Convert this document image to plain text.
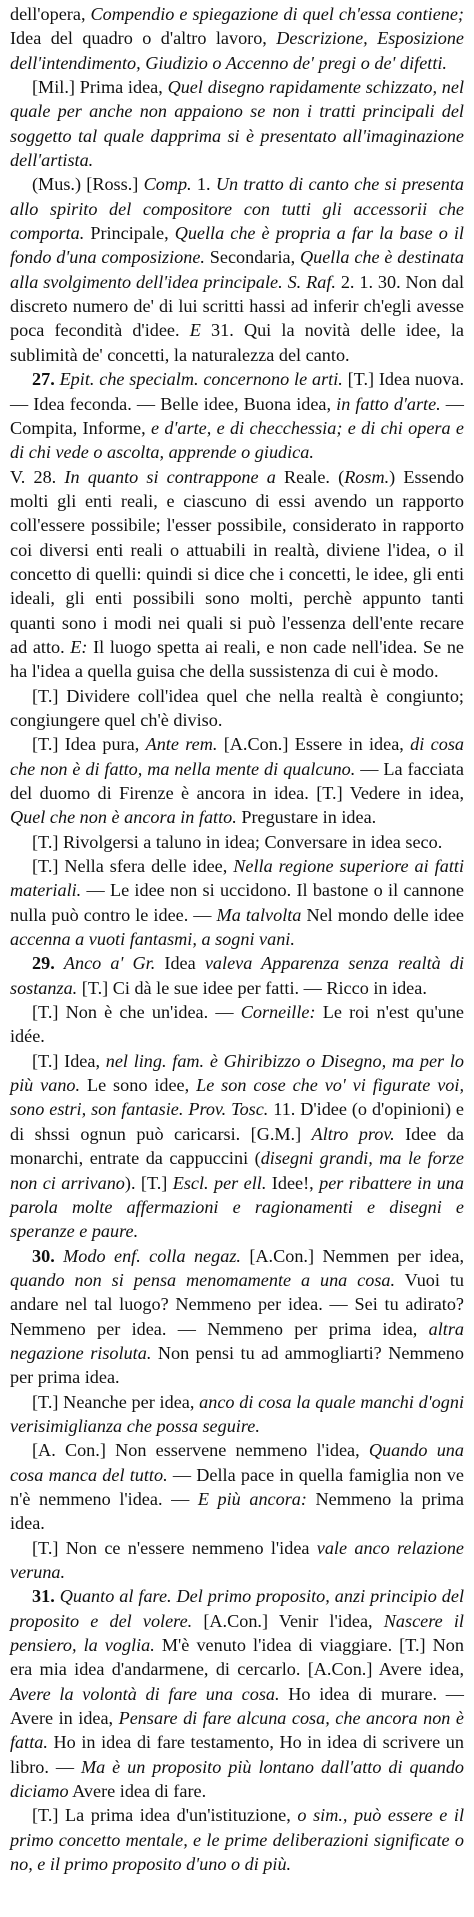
dell'opera, Compendio e spiegazione di quel ch'essa contiene; Idea del quadro o d'altro lavoro, Descrizione, Esposizione dell'intendimento, Giudizio o Accenno de' pregi o de' difetti.

[Mil.] Prima idea, Quel disegno rapidamente schizzato, nel quale per anche non appaiono se non i tratti principali del soggetto tal quale dapprima si è presentato all'imaginazione dell'artista.

(Mus.) [Ross.] Comp. 1. Un tratto di canto che si presenta allo spirito del compositore con tutti gli accessorii che comporta. Principale, Quella che è propria a far la base o il fondo d'una composizione. Secondaria, Quella che è destinata alla svolgimento dell'idea principale. S. Raf. 2. 1. 30. Non dal discreto numero de' di lui scritti hassi ad inferir ch'egli avesse poca fecondità d'idee. E 31. Qui la novità delle idee, la sublimità de' concetti, la naturalezza del canto.

27. Epit. che specialm. concernono le arti. [T.] Idea nuova. — Idea feconda. — Belle idee, Buona idea, in fatto d'arte. — Compita, Informe, e d'arte, e di checchessia; e di chi opera e di chi vede o ascolta, apprende o giudica.

V. 28. In quanto si contrappone a Reale. (Rosm.) Essendo molti gli enti reali, e ciascuno di essi avendo un rapporto coll'essere possibile; l'esser possibile, considerato in rapporto coi diversi enti reali o attuabili in realtà, diviene l'idea, o il concetto di quelli: quindi si dice che i concetti, le idee, gli enti ideali, gli enti possibili sono molti, perchè appunto tanti quanti sono i modi nei quali si può l'essenza dell'ente recare ad atto. E: Il luogo spetta ai reali, e non cade nell'idea. Se ne ha l'idea a quella guisa che della sussistenza di cui è modo.

[T.] Dividere coll'idea quel che nella realtà è congiunto; congiungere quel ch'è diviso.

[T.] Idea pura, Ante rem. [A.Con.] Essere in idea, di cosa che non è di fatto, ma nella mente di qualcuno. — La facciata del duomo di Firenze è ancora in idea. [T.] Vedere in idea, Quel che non è ancora in fatto. Pregustare in idea.

[T.] Rivolgersi a taluno in idea; Conversare in idea seco.

[T.] Nella sfera delle idee, Nella regione superiore ai fatti materiali. — Le idee non si uccidono. Il bastone o il cannone nulla può contro le idee. — Ma talvolta Nel mondo delle idee accenna a vuoti fantasmi, a sogni vani.

29. Anco a' Gr. Idea valeva Apparenza senza realtà di sostanza. [T.] Ci dà le sue idee per fatti. — Ricco in idea.

[T.] Non è che un'idea. — Corneille: Le roi n'est qu'une idée.

[T.] Idea, nel ling. fam. è Ghiribizzo o Disegno, ma per lo più vano. Le sono idee, Le son cose che vo' vi figurate voi, sono estri, son fantasie. Prov. Tosc. 11. D'idee (o d'opinioni) e di shssi ognun può caricarsi. [G.M.] Altro prov. Idee da monarchi, entrate da cappuccini (disegni grandi, ma le forze non ci arrivano). [T.] Escl. per ell. Idee!, per ribattere in una parola molte affermazioni e ragionamenti e disegni e speranze e paure.

30. Modo enf. colla negaz. [A.Con.] Nemmen per idea, quando non si pensa menomamente a una cosa. Vuoi tu andare nel tal luogo? Nemmeno per idea. — Sei tu adirato? Nemmeno per idea. — Nemmeno per prima idea, altra negazione risoluta. Non pensi tu ad ammogliarti? Nemmeno per prima idea.

[T.] Neanche per idea, anco di cosa la quale manchi d'ogni verisimiglianza che possa seguire.

[A. Con.] Non esservene nemmeno l'idea, Quando una cosa manca del tutto. — Della pace in quella famiglia non ve n'è nemmeno l'idea. — E più ancora: Nemmeno la prima idea.

[T.] Non ce n'essere nemmeno l'idea vale anco relazione veruna.

31. Quanto al fare. Del primo proposito, anzi principio del proposito e del volere. [A.Con.] Venir l'idea, Nascere il pensiero, la voglia. M'è venuto l'idea di viaggiare. [T.] Non era mia idea d'andarmene, di cercarlo. [A.Con.] Avere idea, Avere la volontà di fare una cosa. Ho idea di murare. — Avere in idea, Pensare di fare alcuna cosa, che ancora non è fatta. Ho in idea di fare testamento, Ho in idea di scrivere un libro. — Ma è un proposito più lontano dall'atto di quando diciamo Avere idea di fare.

[T.] La prima idea d'un'istituzione, o sim., può essere e il primo concetto mentale, e le prime deliberazioni significate o no, e il primo proposito d'uno o di più.
